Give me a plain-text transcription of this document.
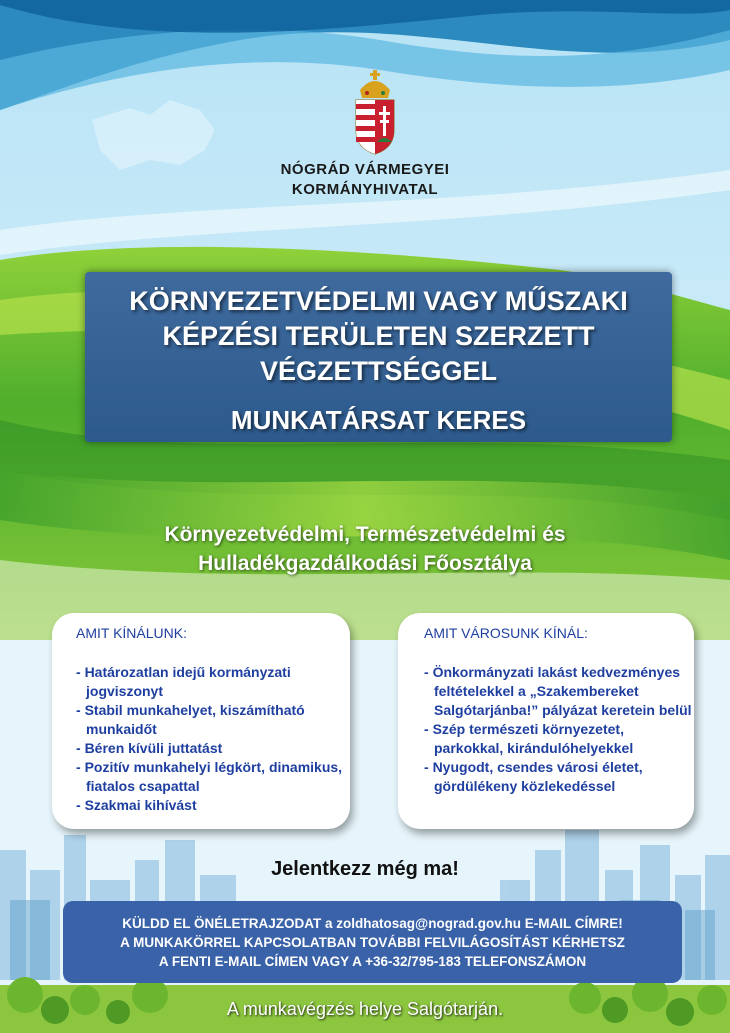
NÓGRÁD VÁRMEGYEI
KORMÁNYHIVATAL
KÖRNYEZETVÉDELMI VAGY MŰSZAKI
KÉPZÉSI TERÜLETEN SZERZETT
VÉGZETTSÉGGEL
MUNKATÁRSAT KERES
Környezetvédelmi, Természetvédelmi és
Hulladékgazdálkodási Főosztálya
AMIT KÍNÁLUNK:
- Határozatlan idejű kormányzati jogviszonyt
- Stabil munkahelyet, kiszámítható munkaidőt
- Béren kívüli juttatást
- Pozitív munkahelyi légkört, dinamikus, fiatalos csapattal
- Szakmai kihívást
AMIT VÁROSUNK KÍNÁL:
- Önkormányzati lakást kedvezményes feltételekkel a „Szakembereket Salgótarjánba!” pályázat keretein belül
- Szép természeti környezetet, parkokkal, kirándulóhelyekkel
- Nyugodt, csendes városi életet, gördülékeny közlekedéssel
Jelentkezz még ma!
KÜLDD EL ÖNÉLETRAJZODAT a zoldhatosag@nograd.gov.hu E-MAIL CÍMRE!
A MUNKAKÖRREL KAPCSOLATBAN TOVÁBBI FELVILÁGOSÍTÁST KÉRHETSZ
A FENTI E-MAIL CÍMEN VAGY A +36-32/795-183 TELEFONSZÁMON
A munkavégzés helye Salgótarján.
